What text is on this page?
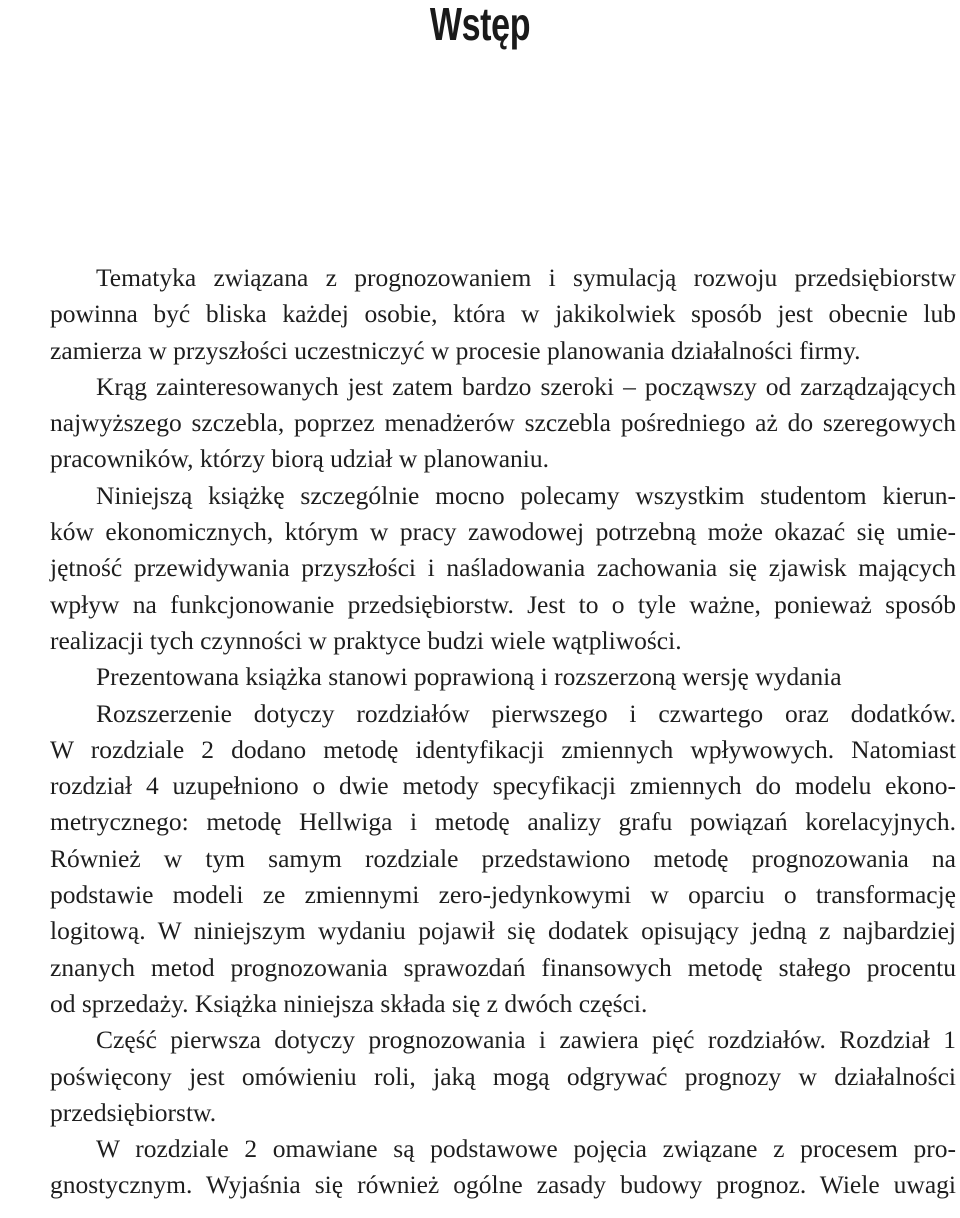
Wstęp
Tematyka związana z prognozowaniem i symulacją rozwoju przedsiębiorstw
powinna być bliska każdej osobie, która w jakikolwiek sposób jest obecnie lub
zamierza w przyszłości uczestniczyć w procesie planowania działalności firmy.
Krąg zainteresowanych jest zatem bardzo szeroki – począwszy od zarządzających
najwyższego szczebla, poprzez menadżerów szczebla pośredniego aż do szeregowych
pracowników, którzy biorą udział w planowaniu.
Niniejszą książkę szczególnie mocno polecamy wszystkim studentom kierun-
ków ekonomicznych, którym w pracy zawodowej potrzebną może okazać się umie-
jętność przewidywania przyszłości i naśladowania zachowania się zjawisk mających
wpływ na funkcjonowanie przedsiębiorstw. Jest to o tyle ważne, ponieważ sposób
realizacji tych czynności w praktyce budzi wiele wątpliwości.
Prezentowana książka stanowi poprawioną i rozszerzoną wersję wydania
Rozszerzenie dotyczy rozdziałów pierwszego i czwartego oraz dodatków.
W rozdziale 2 dodano metodę identyfikacji zmiennych wpływowych. Natomiast
rozdział 4 uzupełniono o dwie metody specyfikacji zmiennych do modelu ekono-
metrycznego: metodę Hellwiga i metodę analizy grafu powiązań korelacyjnych.
Również w tym samym rozdziale przedstawiono metodę prognozowania na
podstawie modeli ze zmiennymi zero-jedynkowymi w oparciu o transformację
logitową. W niniejszym wydaniu pojawił się dodatek opisujący jedną z najbardziej
znanych metod prognozowania sprawozdań finansowych metodę stałego procentu
od sprzedaży. Książka niniejsza składa się z dwóch części.
Część pierwsza dotyczy prognozowania i zawiera pięć rozdziałów. Rozdział 1
poświęcony jest omówieniu roli, jaką mogą odgrywać prognozy w działalności
przedsiębiorstw.
W rozdziale 2 omawiane są podstawowe pojęcia związane z procesem pro-
gnostycznym. Wyjaśnia się również ogólne zasady budowy prognoz. Wiele uwagi
